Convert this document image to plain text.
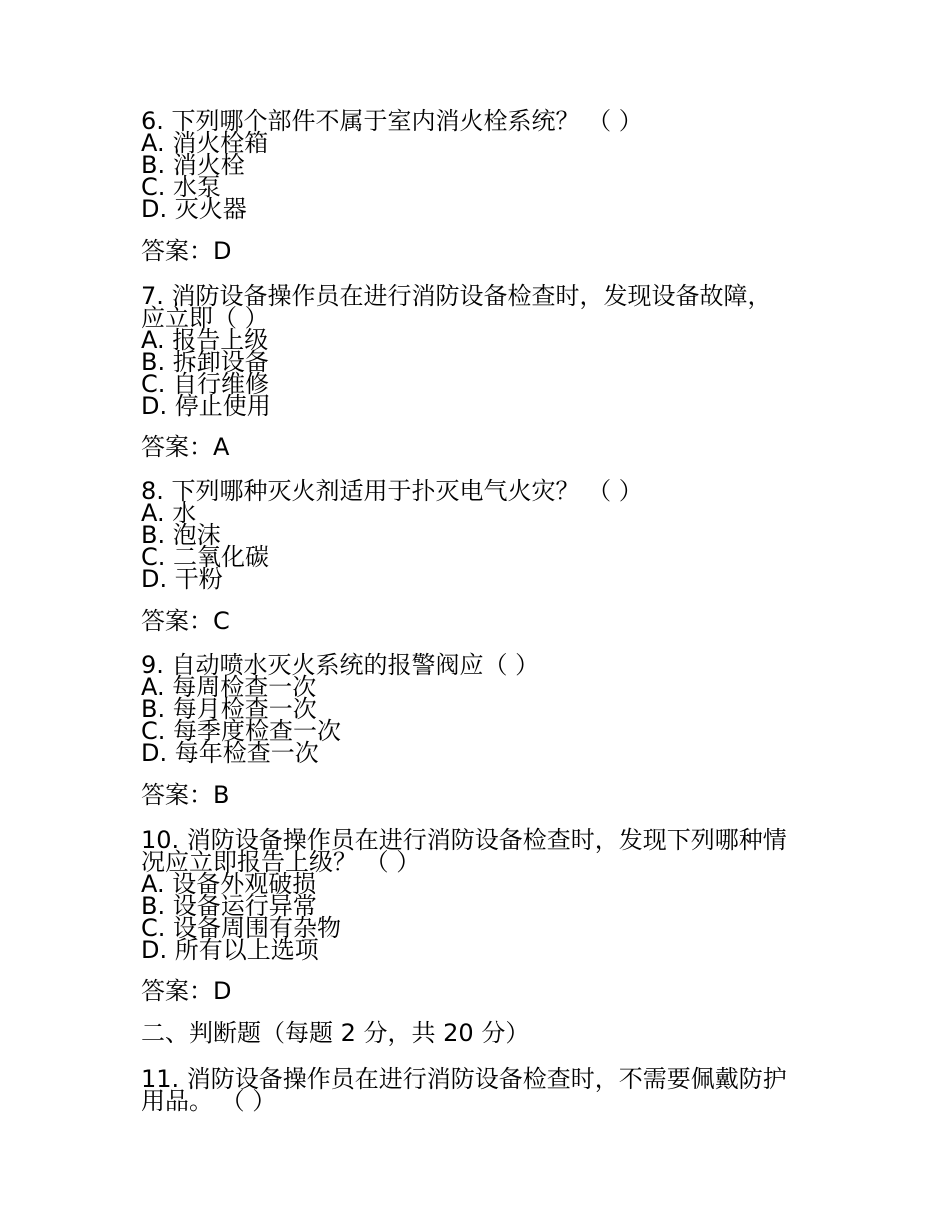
6. 下列哪个部件不属于室内消火栓系统？ （ ）
A. 消火栓箱
B. 消火栓
C. 水泵
D. 灭火器
答案：D
7. 消防设备操作员在进行消防设备检查时，发现设备故障，
应立即（ ）
A. 报告上级
B. 拆卸设备
C. 自行维修
D. 停止使用
答案：A
8. 下列哪种灭火剂适用于扑灭电气火灾？ （ ）
A. 水
B. 泡沫
C. 二氧化碳
D. 干粉
答案：C
9. 自动喷水灭火系统的报警阀应（ ）
A. 每周检查一次
B. 每月检查一次
C. 每季度检查一次
D. 每年检查一次
答案：B
10. 消防设备操作员在进行消防设备检查时，发现下列哪种情
况应立即报告上级？ （ ）
A. 设备外观破损
B. 设备运行异常
C. 设备周围有杂物
D. 所有以上选项
答案：D
二、判断题（每题 2 分，共 20 分）
11. 消防设备操作员在进行消防设备检查时，不需要佩戴防护
用品。 （ ）
